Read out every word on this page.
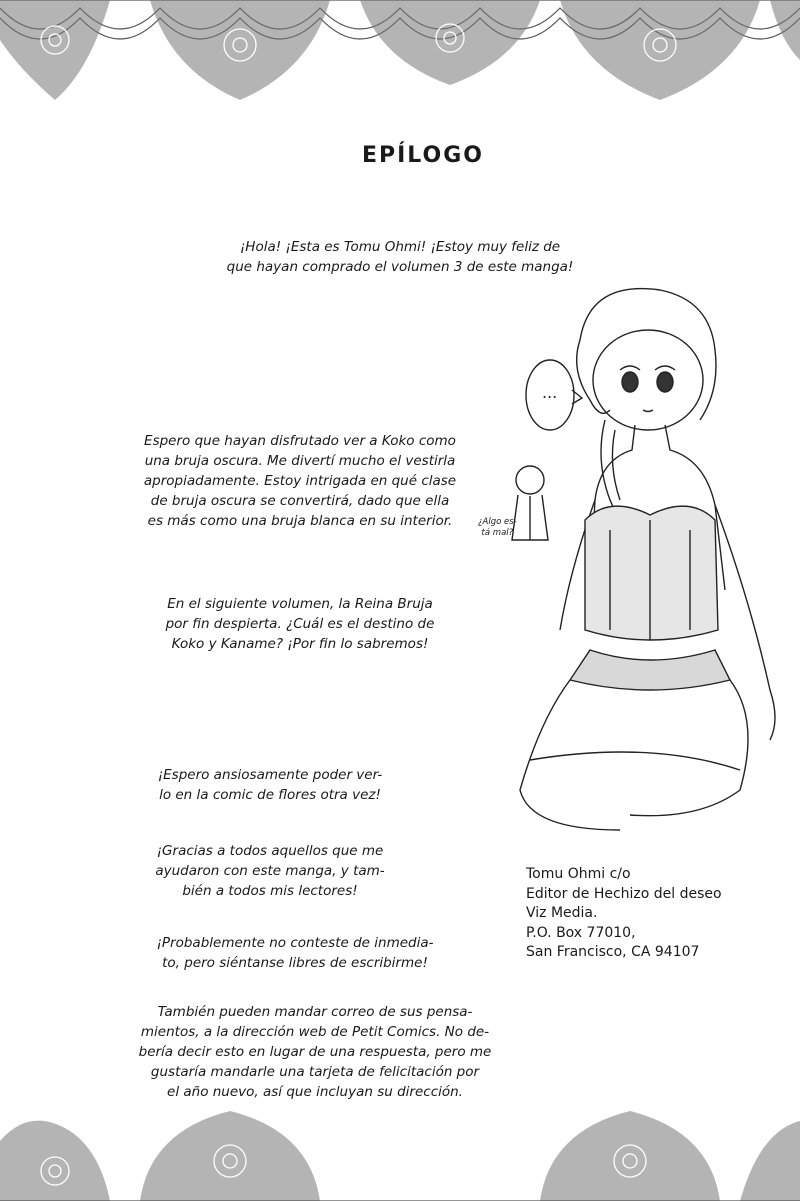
EPÍLOGO
¡Hola! ¡Esta es Tomu Ohmi! ¡Estoy muy feliz de
que hayan comprado el volumen 3 de este manga!
Espero que hayan disfrutado ver a Koko como
una bruja oscura. Me divertí mucho el vestirla
apropiadamente. Estoy intrigada en qué clase
de bruja oscura se convertirá, dado que ella
es más como una bruja blanca en su interior.
En el siguiente volumen, la Reina Bruja
por fin despierta. ¿Cuál es el destino de
Koko y Kaname? ¡Por fin lo sabremos!
¡Espero ansiosamente poder ver-
lo en la comic de flores otra vez!
¡Gracias a todos aquellos que me
ayudaron con este manga, y tam-
bién a todos mis lectores!
¡Probablemente no conteste de inmedia-
to, pero siéntanse libres de escribirme!
También pueden mandar correo de sus pensa-
mientos, a la dirección web de Petit Comics. No de-
bería decir esto en lugar de una respuesta, pero me
gustaría mandarle una tarjeta de felicitación por
el año nuevo, así que incluyan su dirección.
Tomu Ohmi c/o
Editor de Hechizo del deseo
Viz Media.
P.O. Box 77010,
San Francisco, CA 94107
...
¿Algo es-
tá mal?
